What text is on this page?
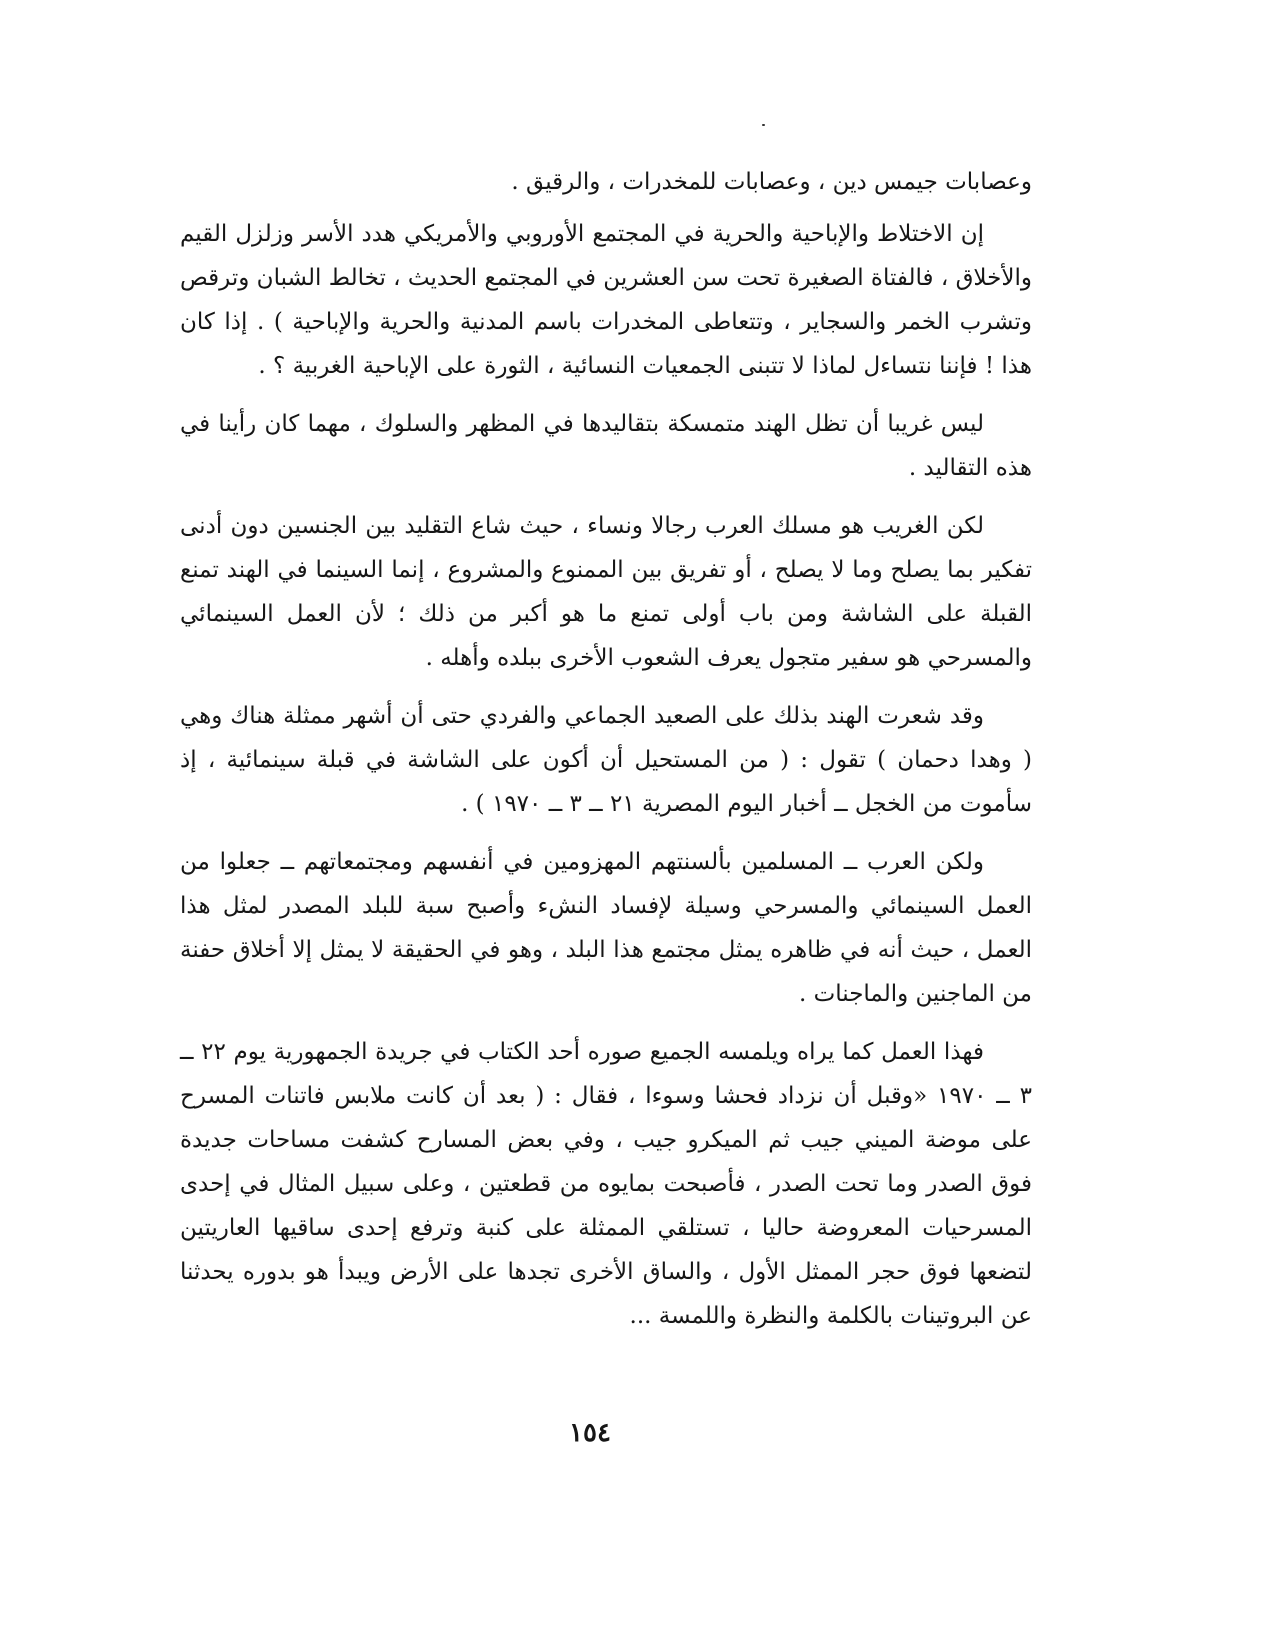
وعصابات جيمس دين ، وعصابات للمخدرات ، والرقيق .

إن الاختلاط والإباحية والحرية في المجتمع الأوروبي والأمريكي هدد الأسر وزلزل القيم والأخلاق ، فالفتاة الصغيرة تحت سن العشرين في المجتمع الحديث ، تخالط الشبان وترقص وتشرب الخمر والسجاير ، وتتعاطى المخدرات باسم المدنية والحرية والإباحية ) . إذا كان هذا ! فإننا نتساءل لماذا لا تتبنى الجمعيات النسائية ، الثورة على الإباحية الغربية ؟ .

ليس غريبا أن تظل الهند متمسكة بتقاليدها في المظهر والسلوك ، مهما كان رأينا في هذه التقاليد .

لكن الغريب هو مسلك العرب رجالا ونساء ، حيث شاع التقليد بين الجنسين دون أدنى تفكير بما يصلح وما لا يصلح ، أو تفريق بين الممنوع والمشروع ، إنما السينما في الهند تمنع القبلة على الشاشة ومن باب أولى تمنع ما هو أكبر من ذلك ؛ لأن العمل السينمائي والمسرحي هو سفير متجول يعرف الشعوب الأخرى ببلده وأهله .

وقد شعرت الهند بذلك على الصعيد الجماعي والفردي حتى أن أشهر ممثلة هناك وهي ( وهدا دحمان ) تقول : ( من المستحيل أن أكون على الشاشة في قبلة سينمائية ، إذ سأموت من الخجل ــ أخبار اليوم المصرية ٢١ ــ ٣ ــ ١٩٧٠ ) .

ولكن العرب ــ المسلمين بألسنتهم المهزومين في أنفسهم ومجتمعاتهم ــ جعلوا من العمل السينمائي والمسرحي وسيلة لإفساد النشء وأصبح سبة للبلد المصدر لمثل هذا العمل ، حيث أنه في ظاهره يمثل مجتمع هذا البلد ، وهو في الحقيقة لا يمثل إلا أخلاق حفنة من الماجنين والماجنات .

فهذا العمل كما يراه ويلمسه الجميع صوره أحد الكتاب في جريدة الجمهورية يوم ٢٢ ــ ٣ ــ ١٩٧٠ «وقبل أن نزداد فحشا وسوءا ، فقال : ( بعد أن كانت ملابس فاتنات المسرح على موضة الميني جيب ثم الميكرو جيب ، وفي بعض المسارح كشفت مساحات جديدة فوق الصدر وما تحت الصدر ، فأصبحت بمايوه من قطعتين ، وعلى سبيل المثال في إحدى المسرحيات المعروضة حاليا ، تستلقي الممثلة على كنبة وترفع إحدى ساقيها العاريتين لتضعها فوق حجر الممثل الأول ، والساق الأخرى تجدها على الأرض ويبدأ هو بدوره يحدثنا عن البروتينات بالكلمة والنظرة واللمسة ...

١٥٤
